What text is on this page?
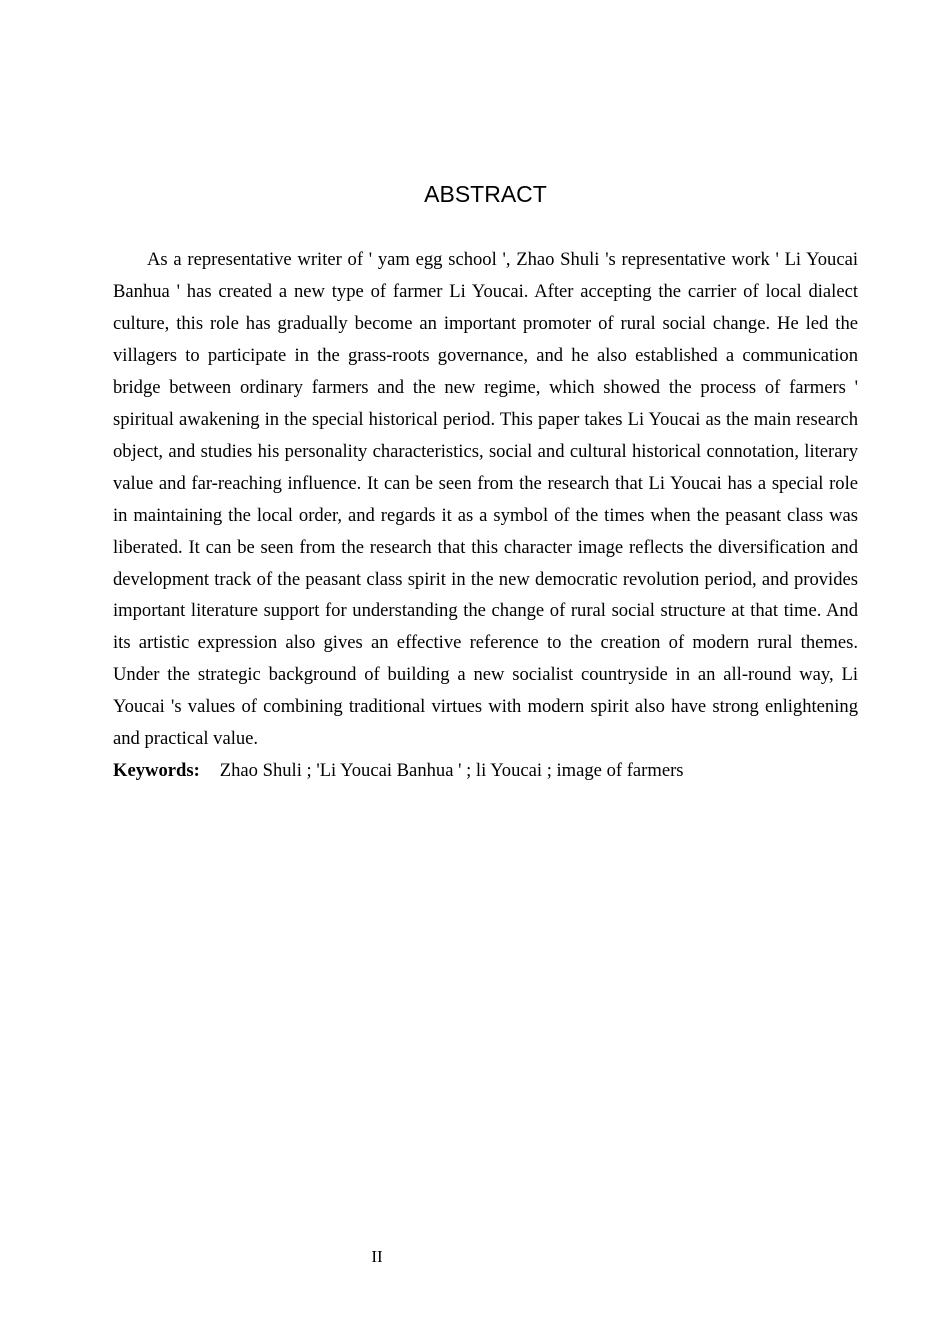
ABSTRACT

As a representative writer of ' yam egg school ', Zhao Shuli 's representative work ' Li Youcai Banhua ' has created a new type of farmer Li Youcai. After accepting the carrier of local dialect culture, this role has gradually become an important promoter of rural social change. He led the villagers to participate in the grass-roots governance, and he also established a communication bridge between ordinary farmers and the new regime, which showed the process of farmers ' spiritual awakening in the special historical period. This paper takes Li Youcai as the main research object, and studies his personality characteristics, social and cultural historical connotation, literary value and far-reaching influence. It can be seen from the research that Li Youcai has a special role in maintaining the local order, and regards it as a symbol of the times when the peasant class was liberated. It can be seen from the research that this character image reflects the diversification and development track of the peasant class spirit in the new democratic revolution period, and provides important literature support for understanding the change of rural social structure at that time. And its artistic expression also gives an effective reference to the creation of modern rural themes. Under the strategic background of building a new socialist countryside in an all-round way, Li Youcai 's values of combining traditional virtues with modern spirit also have strong enlightening and practical value.

Keywords: Zhao Shuli ; 'Li Youcai Banhua ' ; li Youcai ; image of farmers

II
